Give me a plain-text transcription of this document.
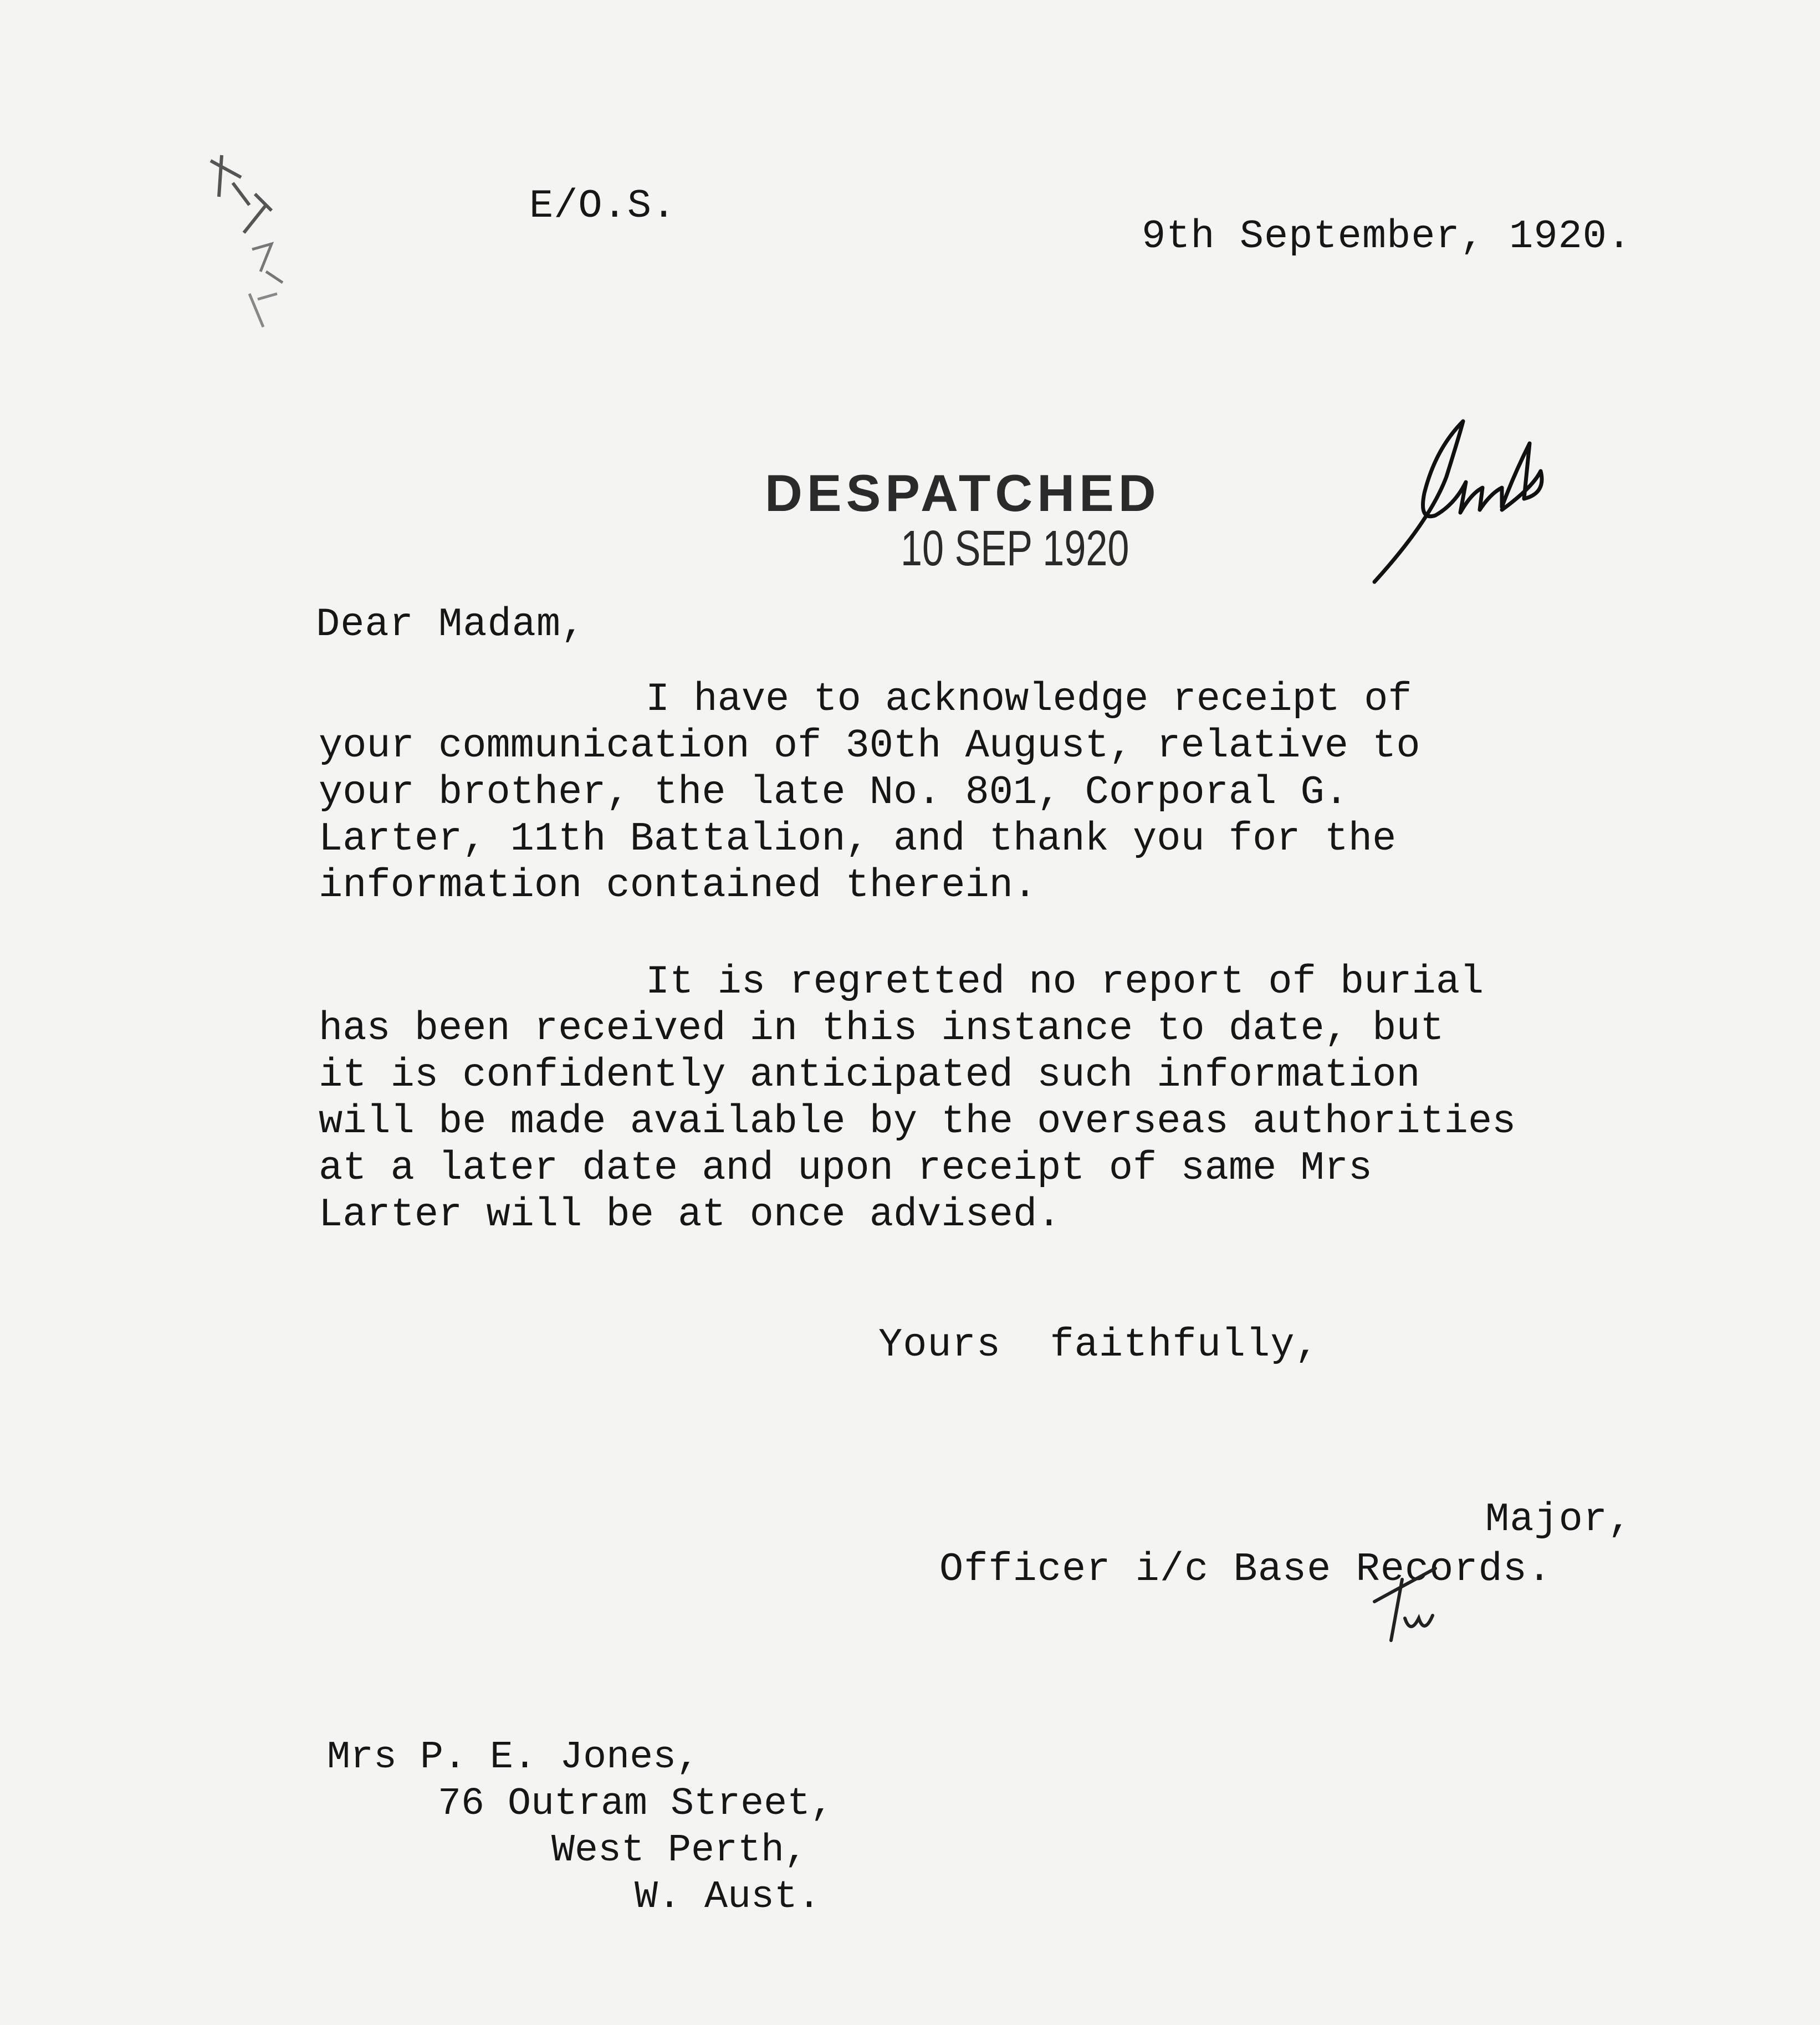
E/O.S.
9th September, 1920.
DESPATCHED
10 SEP 1920
Dear Madam,
I have to acknowledge receipt of
your communication of 30th August, relative to
your brother, the late No. 801, Corporal G.
Larter, 11th Battalion, and thank you for the
information contained therein.
It is regretted no report of burial
has been received in this instance to date, but
it is confidently anticipated such information
will be made available by the overseas authorities
at a later date and upon receipt of same Mrs
Larter will be at once advised.
Yours  faithfully,
Major,
Officer i/c Base Records.
Mrs P. E. Jones,
76 Outram Street,
West Perth,
W. Aust.
